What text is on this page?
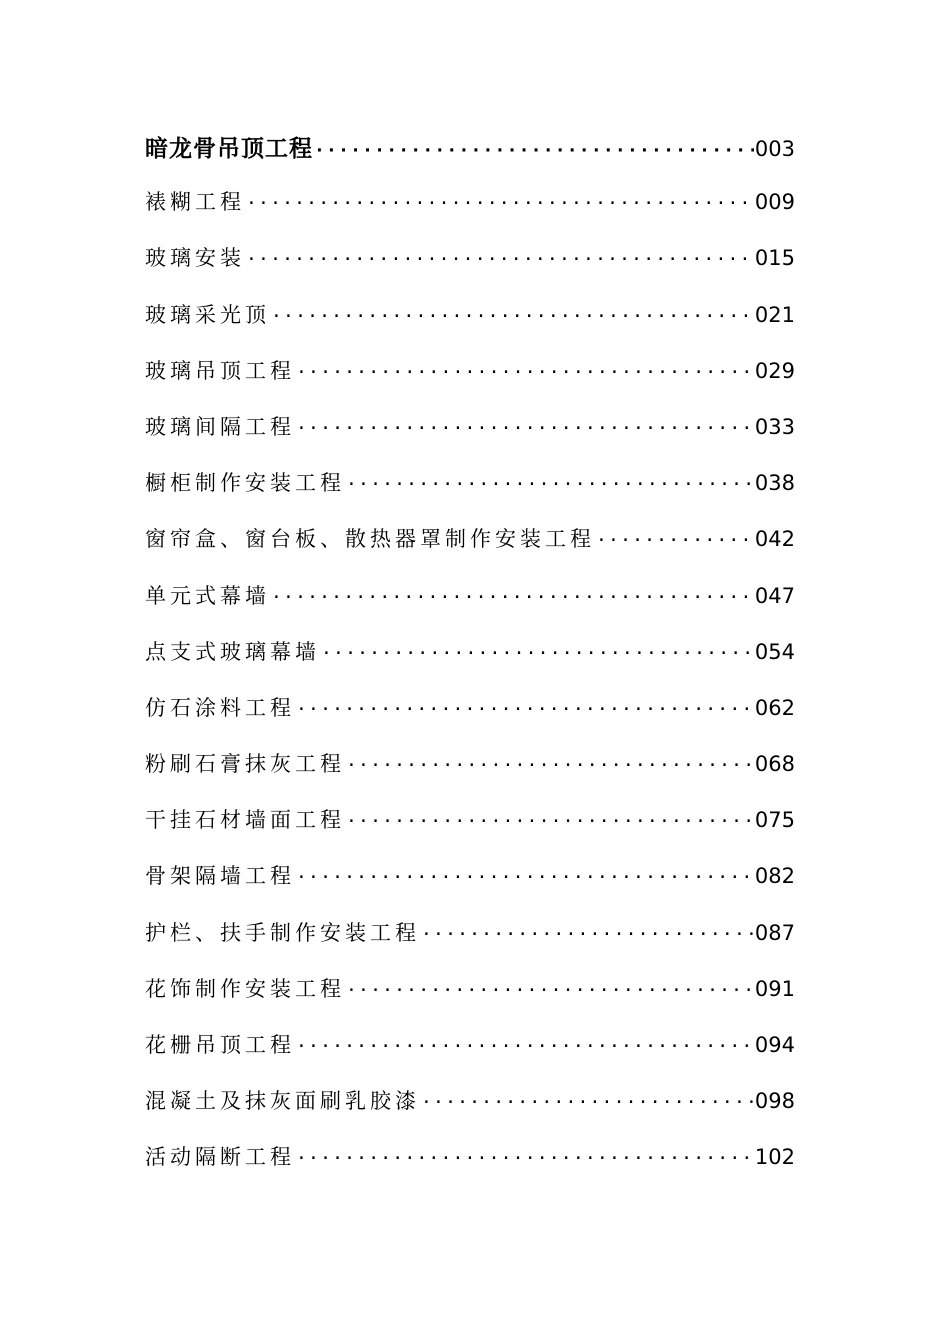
暗龙骨吊顶工程 ·····	003
裱糊工程 ·····	009
玻璃安装 ·····	015
玻璃采光顶 ·····	021
玻璃吊顶工程 ·····	029
玻璃间隔工程 ·····	033
橱柜制作安装工程 ·····	038
窗帘盒、窗台板、散热器罩制作安装工程 ·····	042
单元式幕墙 ·····	047
点支式玻璃幕墙 ·····	054
仿石涂料工程 ·····	062
粉刷石膏抹灰工程 ·····	068
干挂石材墙面工程 ·····	075
骨架隔墙工程 ·····	082
护栏、扶手制作安装工程 ·····	087
花饰制作安装工程 ·····	091
花栅吊顶工程 ·····	094
混凝土及抹灰面刷乳胶漆 ·····	098
活动隔断工程 ·····	102
